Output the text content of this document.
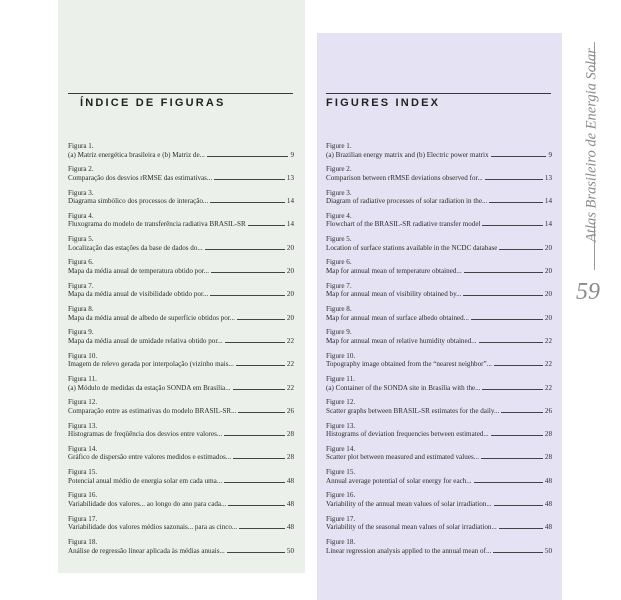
ÍNDICE DE FIGURAS
Figura 1.
(a) Matriz energética brasileira e (b) Matriz de...	9
Figura 2.
Comparação dos desvios rRMSE das estimativas...	13
Figura 3.
Diagrama simbólico dos processos de interação...	14
Figura 4.
Fluxograma do modelo de transferência radiativa BRASIL-SR	14
Figura 5.
Localização das estações da base de dados do...	20
Figura 6.
Mapa da média anual de temperatura obtido por...	20
Figura 7.
Mapa da média anual de visibilidade obtido por...	20
Figura 8.
Mapa da média anual de albedo de superfície obtidos por...	20
Figura 9.
Mapa da média anual de umidade relativa obtido por...	22
Figura 10.
Imagem de relevo gerada por interpolação (vizinho mais...	22
Figura 11.
(a) Módulo de medidas da estação SONDA em Brasília...	22
Figura 12.
Comparação entre as estimativas do modelo BRASIL-SR...	26
Figura 13.
Histogramas de freqüência dos desvios entre valores...	28
Figura 14.
Gráfico de dispersão entre valores medidos e estimados...	28
Figura 15.
Potencial anual médio de energia solar em cada uma...	48
Figura 16.
Variabilidade dos valores... ao longo do ano para cada...	48
Figura 17.
Variabilidade dos valores médios sazonais... para as cinco...	48
Figura 18.
Análise de regressão linear aplicada às médias anuais...	50
FIGURES INDEX
Figure 1.
(a) Brazilian energy matrix and (b) Electric power matrix	9
Figure 2.
Comparison between rRMSE deviations observed for...	13
Figure 3.
Diagram of radiative processes of solar radiation in the...	14
Figure 4.
Flowchart of the BRASIL-SR radiative transfer model	14
Figure 5.
Location of surface stations available in the NCDC database	20
Figure 6.
Map for annual mean of temperature obtained...	20
Figure 7.
Map for annual mean of visibility obtained by...	20
Figure 8.
Map for annual mean of surface albedo obtained...	20
Figure 9.
Map for annual mean of relative humidity obtained...	22
Figure 10.
Topography image obtained from the “nearest neighbor”...	22
Figure 11.
(a) Container of the SONDA site in Brasília with the...	22
Figure 12.
Scatter graphs between BRASIL-SR estimates for the daily...	26
Figure 13.
Histograms of deviation frequencies between estimated...	28
Figure 14.
Scatter plot between measured and estimated values...	28
Figure 15.
Annual average potential of solar energy for each...	48
Figure 16.
Variability of the annual mean values of solar irradiation...	48
Figure 17.
Variability of the seasonal mean values of solar irradiation...	48
Figure 18.
Linear regression analysis applied to the annual mean of...	50

Atlas Brasileiro de Energia Solar

59
